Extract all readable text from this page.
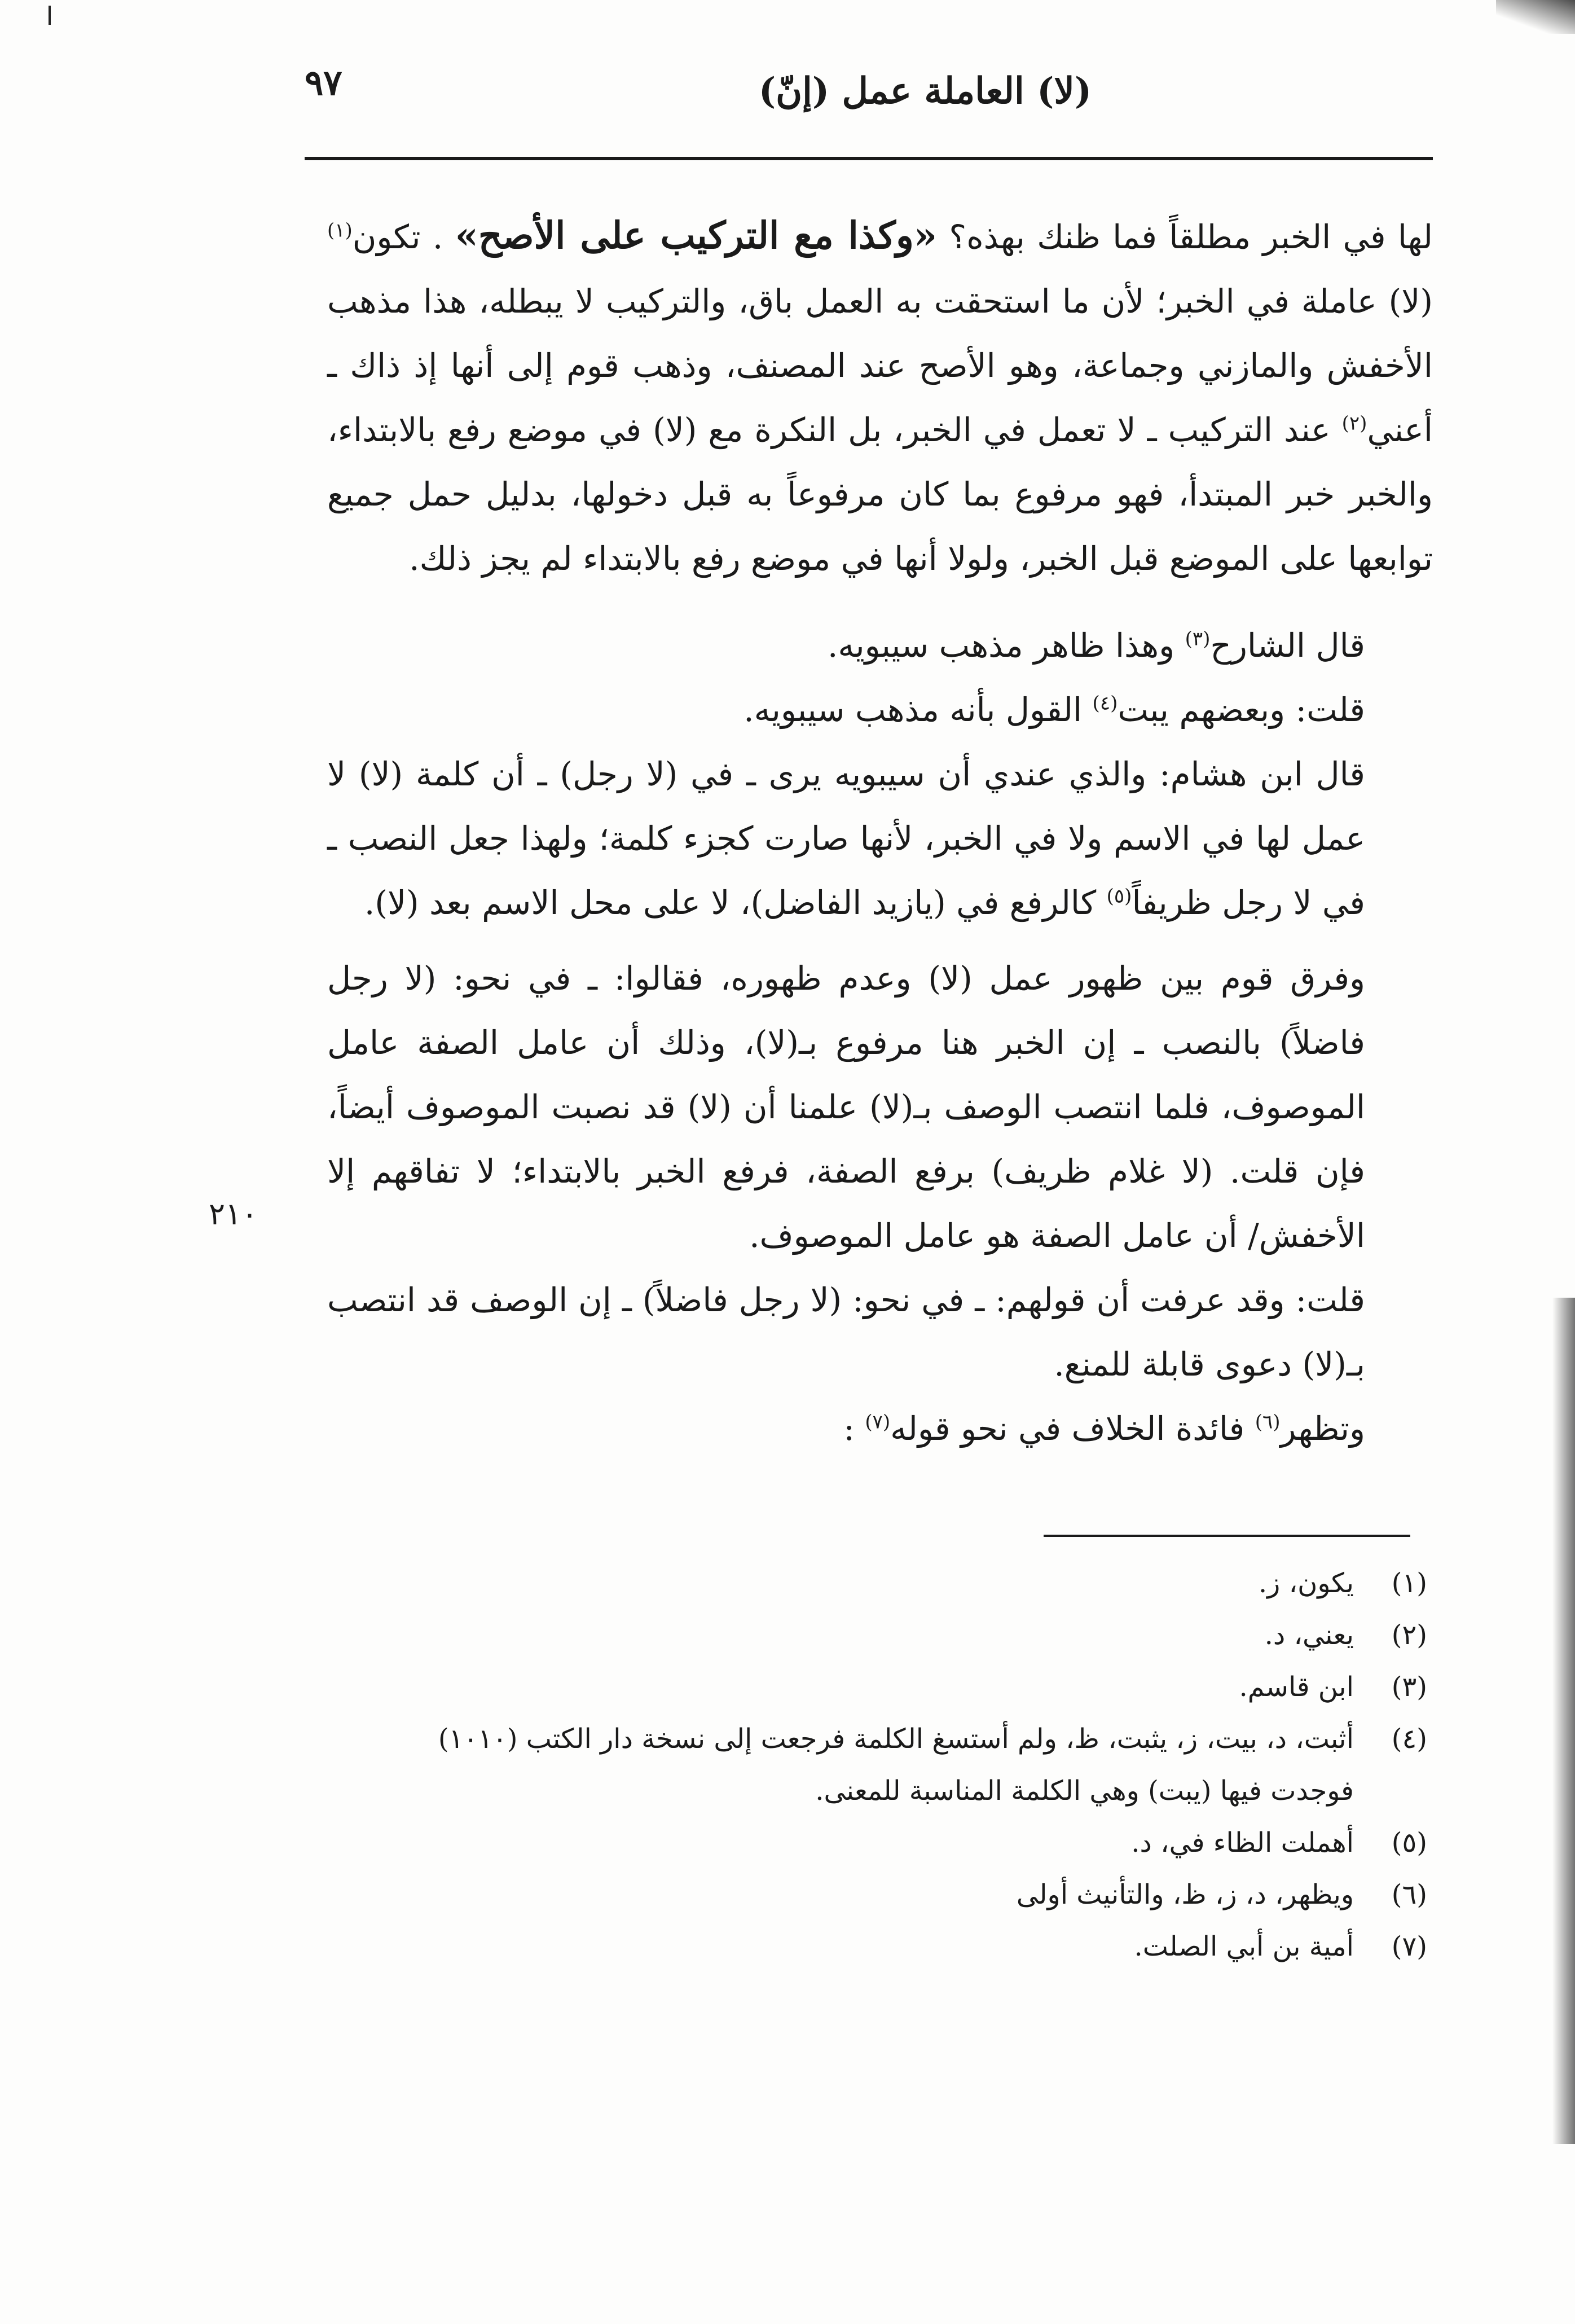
٩٧	(لا) العاملة عمل (إنّ)

لها في الخبر مطلقاً فما ظنك بهذه؟ «وكذا مع التركيب على الأصح» . تكون$^{(١)}$ (لا) عاملة في الخبر؛ لأن ما استحقت به العمل باق، والتركيب لا يبطله، هذا مذهب الأخفش والمازني وجماعة، وهو الأصح عند المصنف، وذهب قوم إلى أنها إذ ذاك ـ أعني$^{(٢)}$ عند التركيب ـ لا تعمل في الخبر، بل النكرة مع (لا) في موضع رفع بالابتداء، والخبر خبر المبتدأ، فهو مرفوع بما كان مرفوعاً به قبل دخولها، بدليل حمل جميع توابعها على الموضع قبل الخبر، ولولا أنها في موضع رفع بالابتداء لم يجز ذلك.

قال الشارح$^{(٣)}$ وهذا ظاهر مذهب سيبويه.

قلت: وبعضهم يبت$^{(٤)}$ القول بأنه مذهب سيبويه.

قال ابن هشام: والذي عندي أن سيبويه يرى ـ في (لا رجل) ـ أن كلمة (لا) لا عمل لها في الاسم ولا في الخبر، لأنها صارت كجزء كلمة؛ ولهذا جعل النصب ـ في لا رجل ظريفاً$^{(٥)}$ كالرفع في (يازيد الفاضل)، لا على محل الاسم بعد (لا).

وفرق قوم بين ظهور عمل (لا) وعدم ظهوره، فقالوا: ـ في نحو: (لا رجل فاضلاً) بالنصب ـ إن الخبر هنا مرفوع بـ(لا)، وذلك أن عامل الصفة عامل الموصوف، فلما انتصب الوصف بـ(لا) علمنا أن (لا) قد نصبت الموصوف أيضاً، فإن قلت. (لا غلام ظريف) برفع الصفة، فرفع الخبر بالابتداء؛ لا تفاقهم إلا الأخفش/ أن عامل الصفة هو عامل الموصوف.

قلت: وقد عرفت أن قولهم: ـ في نحو: (لا رجل فاضلاً) ـ إن الوصف قد انتصب بـ(لا) دعوى قابلة للمنع.

وتظهر$^{(٦)}$ فائدة الخلاف في نحو قوله$^{(٧)}$ :

٢١٠
(١)
يكون، ز.
(٢)
يعني، د.
(٣)
ابن قاسم.
(٤)
أثبت، د، بيت، ز، يثبت، ظ، ولم أستسغ الكلمة فرجعت إلى نسخة دار الكتب (١٠١٠)
فوجدت فيها (يبت) وهي الكلمة المناسبة للمعنى.
(٥)
أهملت الظاء في، د.
(٦)
ويظهر، د، ز، ظ، والتأنيث أولى
(٧)
أمية بن أبي الصلت.
